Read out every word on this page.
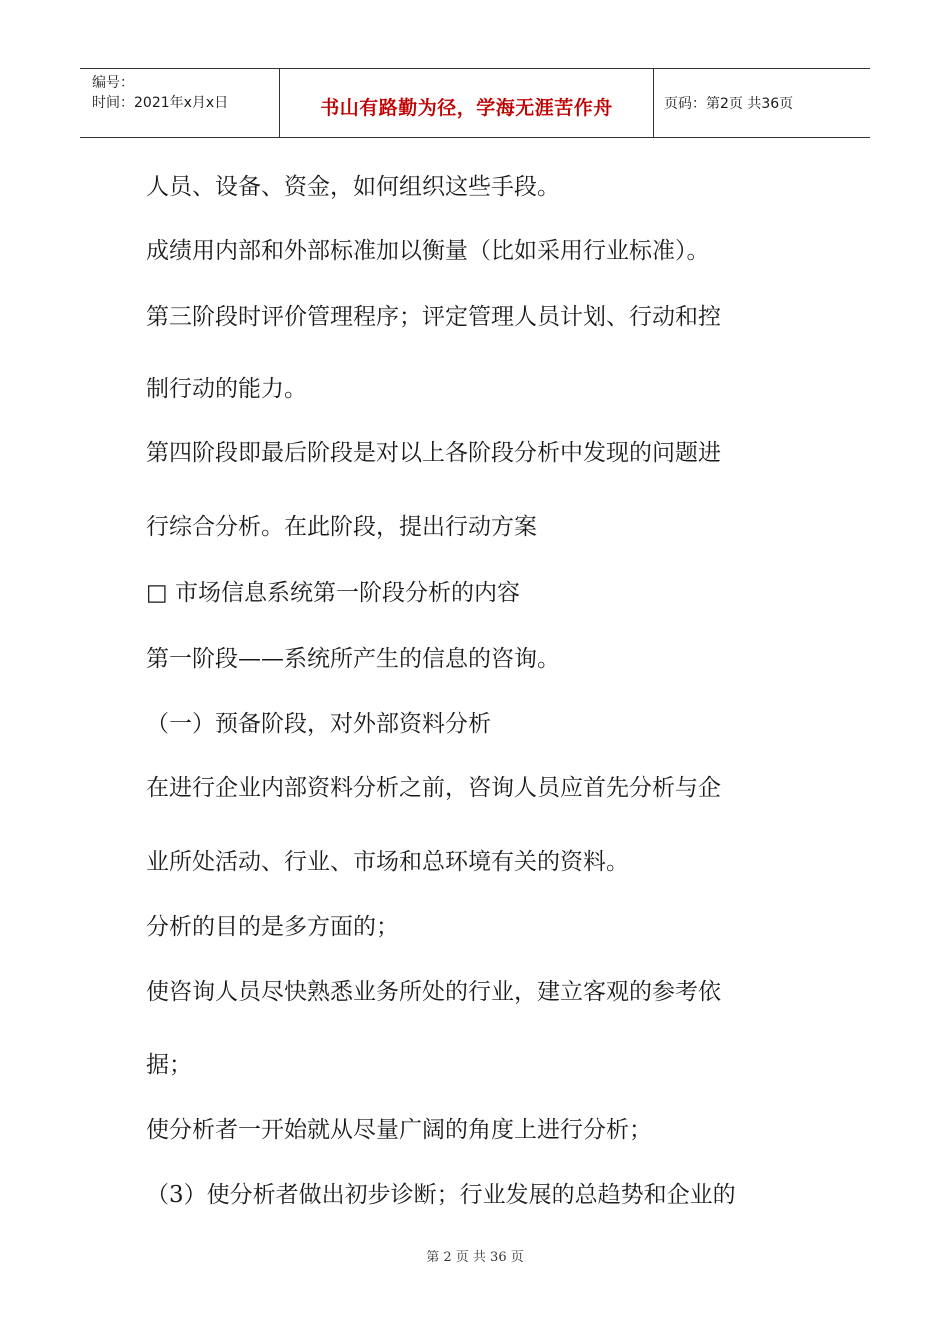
编号：
时间：2021年x月x日	书山有路勤为径，学海无涯苦作舟	页码：第2页 共36页
人员、设备、资金，如何组织这些手段。
成绩用内部和外部标准加以衡量（比如采用行业标准）。
第三阶段时评价管理程序；评定管理人员计划、行动和控
制行动的能力。
第四阶段即最后阶段是对以上各阶段分析中发现的问题进
行综合分析。在此阶段，提出行动方案
□ 市场信息系统第一阶段分析的内容
第一阶段——系统所产生的信息的咨询。
（一）预备阶段，对外部资料分析
在进行企业内部资料分析之前，咨询人员应首先分析与企
业所处活动、行业、市场和总环境有关的资料。
分析的目的是多方面的；
使咨询人员尽快熟悉业务所处的行业，建立客观的参考依
据；
使分析者一开始就从尽量广阔的角度上进行分析；
（3）使分析者做出初步诊断；行业发展的总趋势和企业的
第 2 页 共 36 页
